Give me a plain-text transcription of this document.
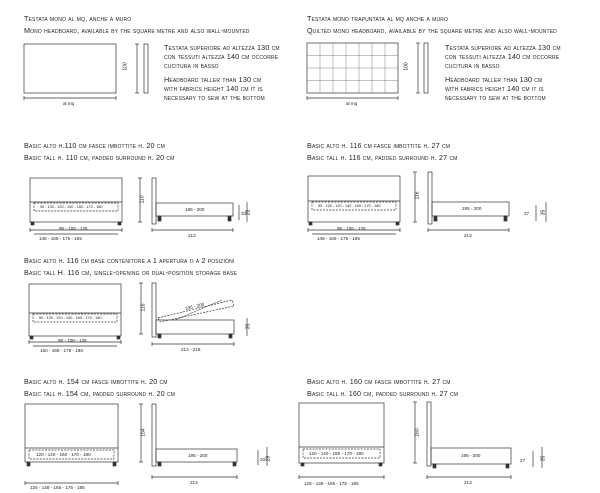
Testata mono al mq, anche a muro
Mono headboard, available by the square metre and also wall-mounted
100
al mq
Testata superiore ad altezza 130 cm
con tessuti altezza 140 cm occorre
cucitura in basso
Headboard taller than 130 cm
with fabrics height 140 cm it is
necessary to sew at the bottom
Testata mono trapuntata al mq anche a muro
Quilted mono headboard, available by the square metre and also wall-mounted
100
al mq
Testata superiore ad altezza 130 cm
con tessuti altezza 140 cm occorre
cucitura in basso
Headboard taller than 130 cm
with fabrics height 140 cm it is
necessary to sew at the bottom
Basic alto h.110 cm fasce imbottite h. 20 cm
Basic tall h. 110 cm, padded surround h. 20 cm
90 - 100 - 120 - 140 - 160 - 170 - 180
95 - 105 - 125
148 - 165 - 175 - 185
110
195 - 200
213
20 28
Basic alto h. 116 cm fasce imbottite h. 27 cm
Basic tall h. 116 cm, padded surround h. 27 cm
90 - 100 - 120 - 140 - 160 - 170 - 180
95 - 105 - 125
148 - 165 - 175 - 185
116
195 - 200
213
27 35
Basic alto h. 116 cm base contenitore a 1 apertura o a 2 posizioni
Basic tall H. 116 cm, single-opening or dual-position storage base
90 - 100 - 120 - 140 - 160 - 170 - 180
98 - 108 - 128
150 - 168 - 178 - 188
116	195 - 200
213 - 218
35
Basic alto h. 154 cm fasce imbottite h. 20 cm
Basic tall h. 154 cm, padded surround h. 20 cm
120 - 140 - 160 - 170 - 180
125 - 148 - 165 - 175 - 185
154
195 - 200
213
20 28
Basic alto h. 160 cm fasce imbottite h. 27 cm
Basic tall h. 160 cm, padded surround h. 27 cm
120 - 140 - 160 - 170 - 180
125 - 148 - 165 - 175 - 185
160
195 - 200
213
27	35
